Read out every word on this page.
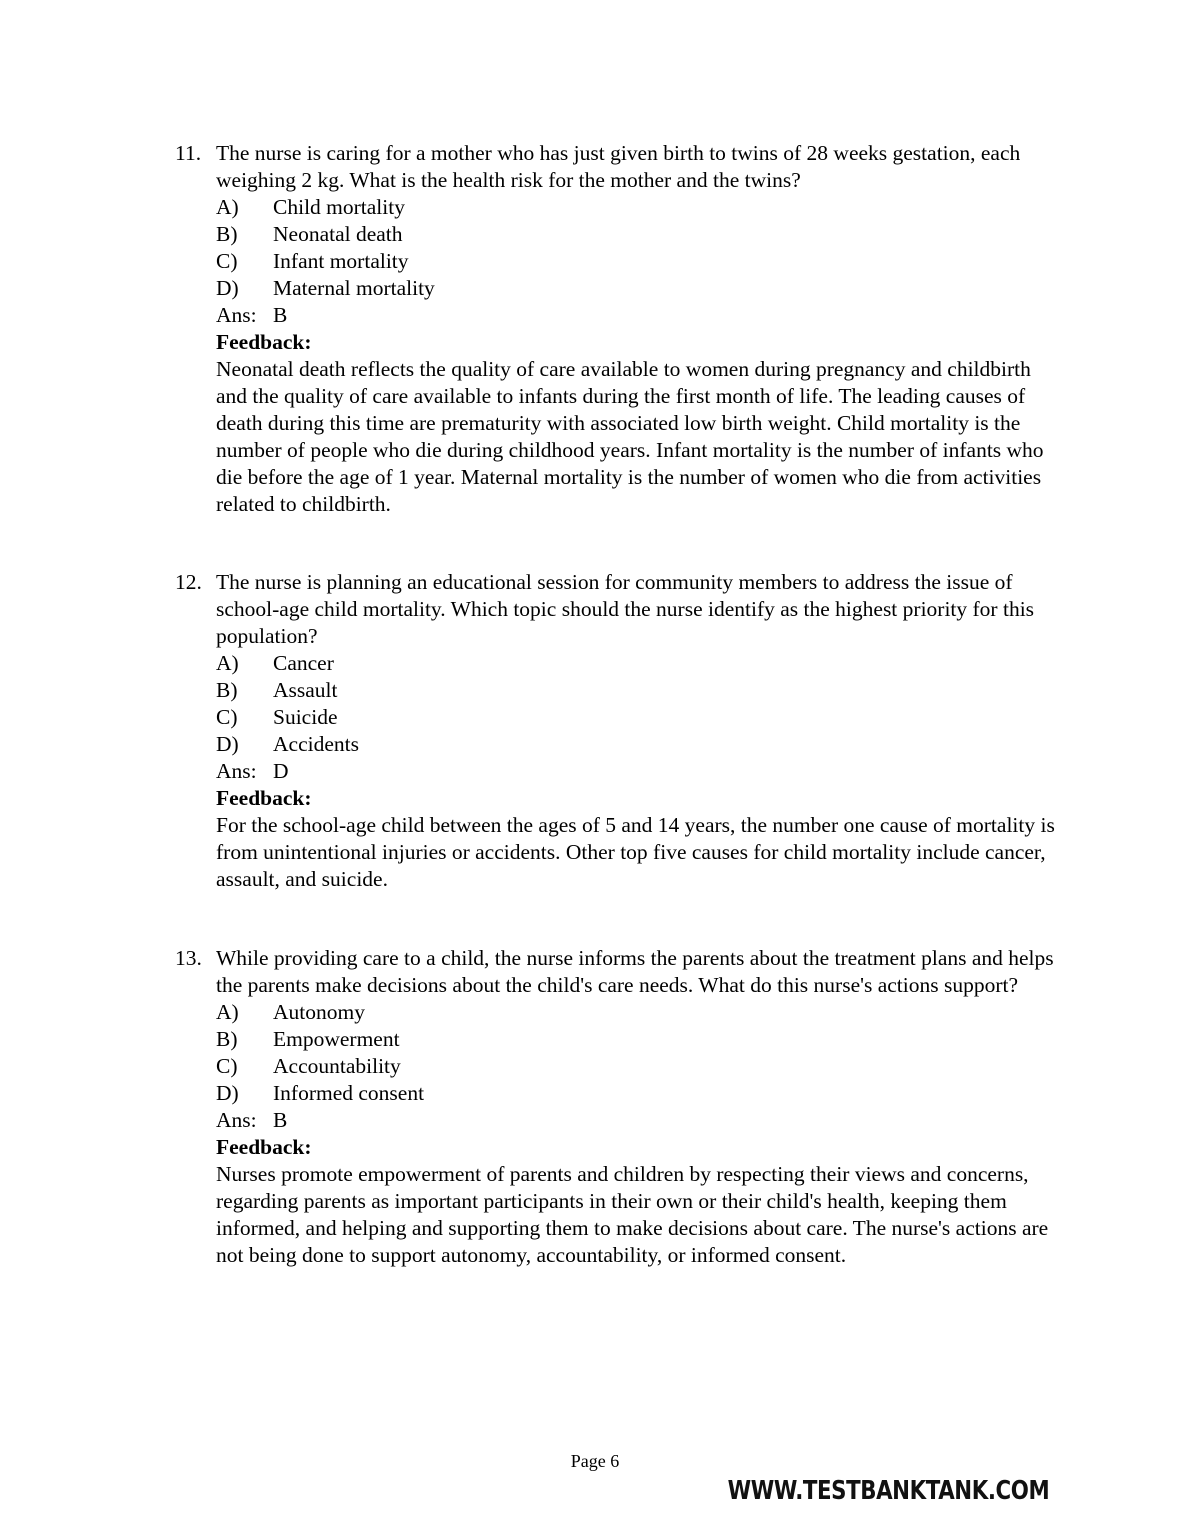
11. The nurse is caring for a mother who has just given birth to twins of 28 weeks gestation, each weighing 2 kg. What is the health risk for the mother and the twins?

A)	Child mortality
B)	Neonatal death
C)	Infant mortality
D)	Maternal mortality
Ans: B
Feedback:

Neonatal death reflects the quality of care available to women during pregnancy and childbirth and the quality of care available to infants during the first month of life. The leading causes of death during this time are prematurity with associated low birth weight. Child mortality is the number of people who die during childhood years. Infant mortality is the number of infants who die before the age of 1 year. Maternal mortality is the number of women who die from activities related to childbirth.

12. The nurse is planning an educational session for community members to address the issue of school-age child mortality. Which topic should the nurse identify as the highest priority for this population?

A)	Cancer
B)	Assault
C)	Suicide
D)	Accidents
Ans: D
Feedback:

For the school-age child between the ages of 5 and 14 years, the number one cause of mortality is from unintentional injuries or accidents. Other top five causes for child mortality include cancer, assault, and suicide.

13. While providing care to a child, the nurse informs the parents about the treatment plans and helps the parents make decisions about the child's care needs. What do this nurse's actions support?

A)	Autonomy
B)	Empowerment
C)	Accountability
D)	Informed consent
Ans: B
Feedback:

Nurses promote empowerment of parents and children by respecting their views and concerns, regarding parents as important participants in their own or their child's health, keeping them informed, and helping and supporting them to make decisions about care. The nurse's actions are not being done to support autonomy, accountability, or informed consent.

Page 6
WWW.TESTBANKTANK.COM
